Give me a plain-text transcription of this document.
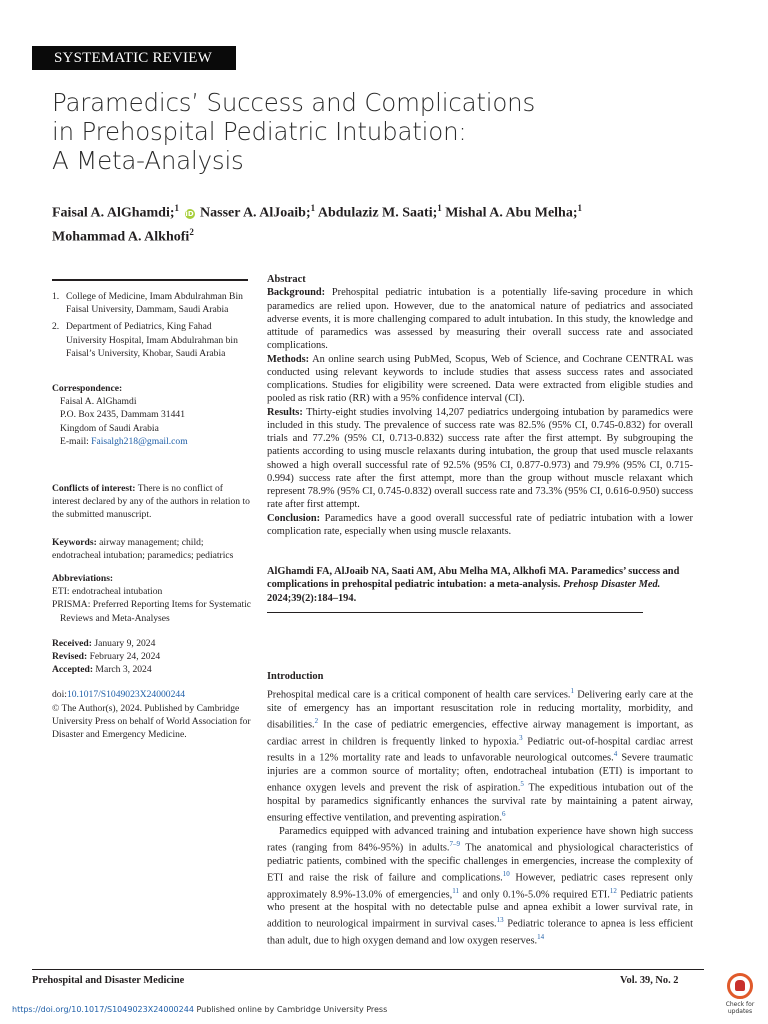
SYSTEMATIC REVIEW
Paramedics’ Success and Complications
in Prehospital Pediatric Intubation:
A Meta-Analysis
Faisal A. AlGhamdi;$^1$ iD Nasser A. AlJoaib;$^1$ Abdulaziz M. Saati;$^1$ Mishal A. Abu Melha;$^1$
Mohammad A. Alkhofi$^2$
1. College of Medicine, Imam Abdulrahman Bin Faisal University, Dammam, Saudi Arabia
2. Department of Pediatrics, King Fahad University Hospital, Imam Abdulrahman bin Faisal’s University, Khobar, Saudi Arabia
Correspondence:
Faisal A. AlGhamdi
P.O. Box 2435, Dammam 31441
Kingdom of Saudi Arabia
E-mail: Faisalgh218@gmail.com

Conflicts of interest: There is no conflict of interest declared by any of the authors in relation to the submitted manuscript.

Keywords: airway management; child; endotracheal intubation; paramedics; pediatrics

Abbreviations:
ETI: endotracheal intubation
PRISMA: Preferred Reporting Items for Systematic Reviews and Meta-Analyses
Received: January 9, 2024
Revised: February 24, 2024
Accepted: March 3, 2024
doi:10.1017/S1049023X24000244
© The Author(s), 2024. Published by Cambridge University Press on behalf of World Association for Disaster and Emergency Medicine.

Abstract

Background: Prehospital pediatric intubation is a potentially life-saving procedure in which paramedics are relied upon. However, due to the anatomical nature of pediatrics and associated adverse events, it is more challenging compared to adult intubation. In this study, the knowledge and attitude of paramedics was assessed by measuring their overall success rate and associated complications.

Methods: An online search using PubMed, Scopus, Web of Science, and Cochrane CENTRAL was conducted using relevant keywords to include studies that assess success rates and associated complications. Studies for eligibility were screened. Data were extracted from eligible studies and pooled as risk ratio (RR) with a 95% confidence interval (CI).

Results: Thirty-eight studies involving 14,207 pediatrics undergoing intubation by paramedics were included in this study. The prevalence of success rate was 82.5% (95% CI, 0.745-0.832) for overall trials and 77.2% (95% CI, 0.713-0.832) success rate after the first attempt. By subgrouping the patients according to using muscle relaxants during intubation, the group that used muscle relaxants showed a high overall successful rate of 92.5% (95% CI, 0.877-0.973) and 79.9% (95% CI, 0.715-0.994) success rate after the first attempt, more than the group without muscle relaxant which represent 78.9% (95% CI, 0.745-0.832) overall success rate and 73.3% (95% CI, 0.616-0.950) success rate after first attempt.

Conclusion: Paramedics have a good overall successful rate of pediatric intubation with a lower complication rate, especially when using muscle relaxants.

AlGhamdi FA, AlJoaib NA, Saati AM, Abu Melha MA, Alkhofi MA. Paramedics’ success and complications in prehospital pediatric intubation: a meta-analysis. Prehosp Disaster Med. 2024;39(2):184–194.

Introduction

Prehospital medical care is a critical component of health care services.$^1$ Delivering early care at the site of emergency has an important resuscitation role in reducing mortality, morbidity, and disabilities.$^2$ In the case of pediatric emergencies, effective airway management is important, as cardiac arrest in children is frequently linked to hypoxia.$^3$ Pediatric out-of-hospital cardiac arrest results in a 12% mortality rate and leads to unfavorable neurological outcomes.$^4$ Severe traumatic injuries are a common source of mortality; often, endotracheal intubation (ETI) is important to enhance oxygen levels and prevent the risk of aspiration.$^5$ The expeditious intubation out of the hospital by paramedics significantly enhances the survival rate by maintaining a patent airway, ensuring effective ventilation, and preventing aspiration.$^6$

Paramedics equipped with advanced training and intubation experience have shown high success rates (ranging from 84%-95%) in adults.$^{7-9}$ The anatomical and physiological characteristics of pediatric patients, combined with the specific challenges in emergencies, increase the complexity of ETI and raise the risk of failure and complications.$^{10}$ However, pediatric cases represent only approximately 8.9%-13.0% of emergencies,$^{11}$ and only 0.1%-5.0% required ETI.$^{12}$ Pediatric patients who present at the hospital with no detectable pulse and apnea exhibit a lower survival rate, in addition to neurological impairment in survival cases.$^{13}$ Pediatric tolerance to apnea is less efficient than adult, due to high oxygen demand and low oxygen reserves.$^{14}$

Prehospital and Disaster Medicine	Vol. 39, No. 2
https://doi.org/10.1017/S1049023X24000244 Published online by Cambridge University Press
Check for
updates
